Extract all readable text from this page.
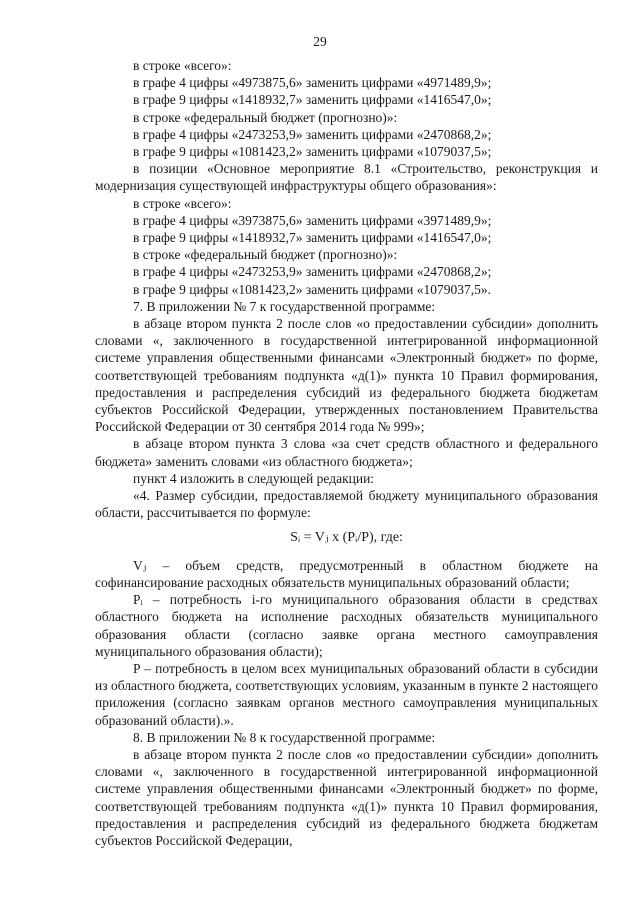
29

в строке «всего»:

в графе 4 цифры «4973875,6» заменить цифрами «4971489,9»;

в графе 9 цифры «1418932,7» заменить цифрами «1416547,0»;

в строке «федеральный бюджет (прогнозно)»:

в графе 4 цифры «2473253,9» заменить цифрами «2470868,2»;

в графе 9 цифры «1081423,2» заменить цифрами «1079037,5»;

в позиции «Основное мероприятие 8.1 «Строительство, реконструкция и модернизация существующей инфраструктуры общего образования»:

в строке «всего»:

в графе 4 цифры «3973875,6» заменить цифрами «3971489,9»;

в графе 9 цифры «1418932,7» заменить цифрами «1416547,0»;

в строке «федеральный бюджет (прогнозно)»:

в графе 4 цифры «2473253,9» заменить цифрами «2470868,2»;

в графе 9 цифры «1081423,2» заменить цифрами «1079037,5».

7. В приложении № 7 к государственной программе:

в абзаце втором пункта 2 после слов «о предоставлении субсидии» дополнить словами «, заключенного в государственной интегрированной информационной системе управления общественными финансами «Электронный бюджет» по форме, соответствующей требованиям подпункта «д(1)» пункта 10 Правил формирования, предоставления и распределения субсидий из федерального бюджета бюджетам субъектов Российской Федерации, утвержденных постановлением Правительства Российской Федерации от 30 сентября 2014 года № 999»;

в абзаце втором пункта 3 слова «за счет средств областного и федерального бюджета» заменить словами «из областного бюджета»;

пункт 4 изложить в следующей редакции:

«4. Размер субсидии, предоставляемой бюджету муниципального образования области, рассчитывается по формуле:

Sᵢ = Vⱼ x (Pᵢ/P), где:

Vⱼ – объем средств, предусмотренный в областном бюджете на софинансирование расходных обязательств муниципальных образований области;

Pᵢ – потребность i-го муниципального образования области в средствах областного бюджета на исполнение расходных обязательств муниципального образования области (согласно заявке органа местного самоуправления муниципального образования области);

P – потребность в целом всех муниципальных образований области в субсидии из областного бюджета, соответствующих условиям, указанным в пункте 2 настоящего приложения (согласно заявкам органов местного самоуправления муниципальных образований области).».

8. В приложении № 8 к государственной программе:

в абзаце втором пункта 2 после слов «о предоставлении субсидии» дополнить словами «, заключенного в государственной интегрированной информационной системе управления общественными финансами «Электронный бюджет» по форме, соответствующей требованиям подпункта «д(1)» пункта 10 Правил формирования, предоставления и распределения субсидий из федерального бюджета бюджетам субъектов Российской Федерации,
